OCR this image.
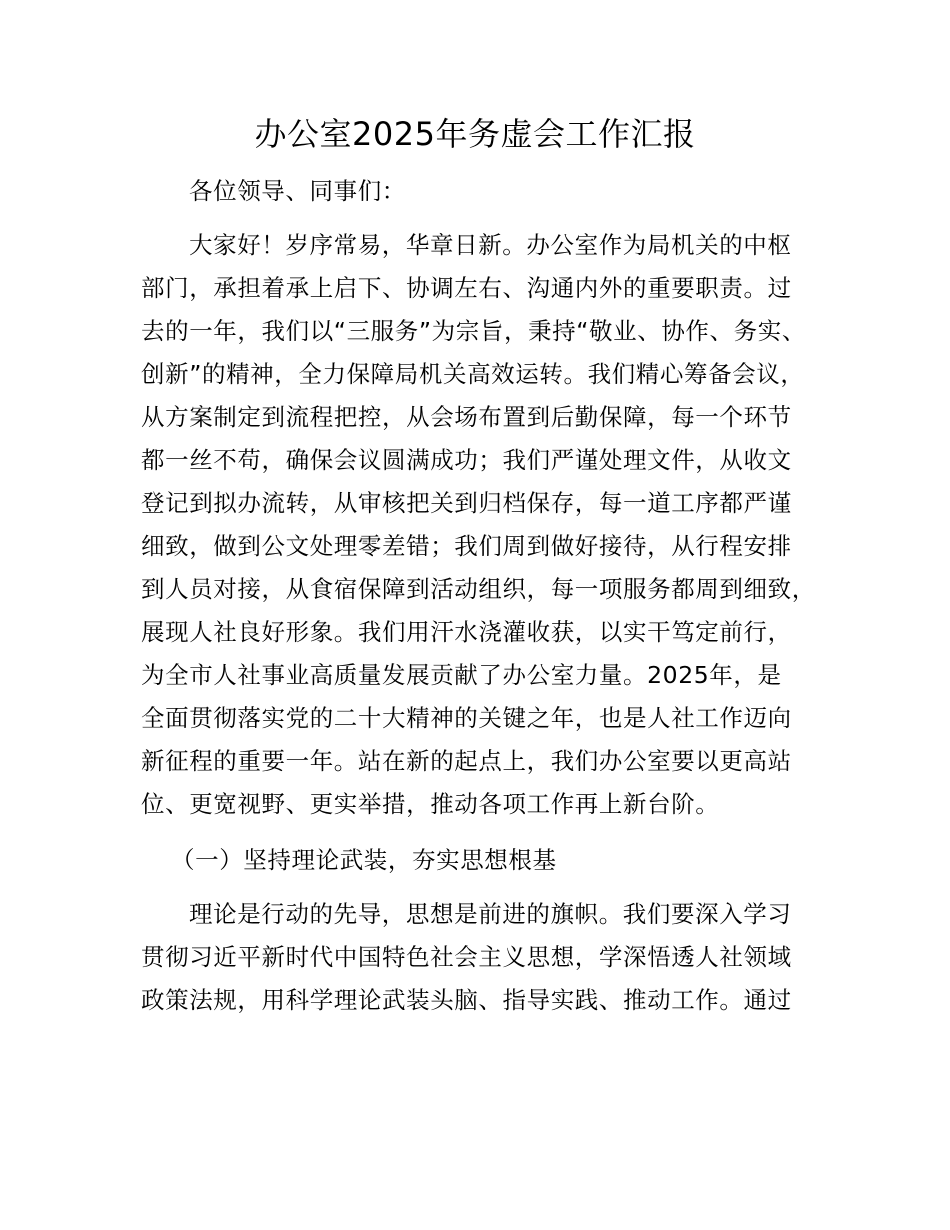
办公室2025年务虚会工作汇报
各位领导、同事们：
大家好！岁序常易，华章日新。办公室作为局机关的中枢
部门，承担着承上启下、协调左右、沟通内外的重要职责。过
去的一年，我们以“三服务”为宗旨，秉持“敬业、协作、务实、
创新”的精神，全力保障局机关高效运转。我们精心筹备会议，
从方案制定到流程把控，从会场布置到后勤保障，每一个环节
都一丝不苟，确保会议圆满成功；我们严谨处理文件，从收文
登记到拟办流转，从审核把关到归档保存，每一道工序都严谨
细致，做到公文处理零差错；我们周到做好接待，从行程安排
到人员对接，从食宿保障到活动组织，每一项服务都周到细致，
展现人社良好形象。我们用汗水浇灌收获，以实干笃定前行，
为全市人社事业高质量发展贡献了办公室力量。2025年，是
全面贯彻落实党的二十大精神的关键之年，也是人社工作迈向
新征程的重要一年。站在新的起点上，我们办公室要以更高站
位、更宽视野、更实举措，推动各项工作再上新台阶。
（一）坚持理论武装，夯实思想根基
理论是行动的先导，思想是前进的旗帜。我们要深入学习
贯彻习近平新时代中国特色社会主义思想，学深悟透人社领域
政策法规，用科学理论武装头脑、指导实践、推动工作。通过
